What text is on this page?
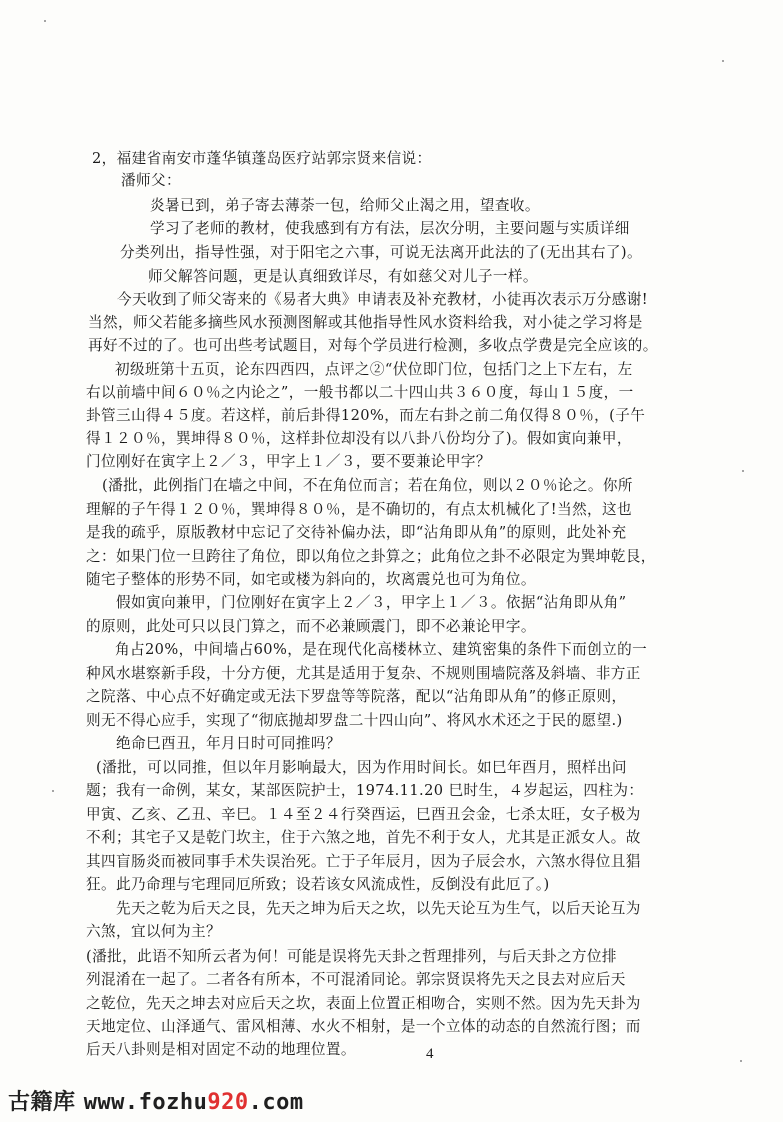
2，福建省南安市蓬华镇蓬岛医疗站郭宗贤来信说：
潘师父：
炎暑已到，弟子寄去薄荼一包，给师父止渴之用，望查收。
学习了老师的教材，使我感到有方有法，层次分明，主要问题与实质详细
分类列出，指导性强，对于阳宅之六事，可说无法离开此法的了(无出其右了)。
师父解答问题，更是认真细致详尽，有如慈父对儿子一样。
今天收到了师父寄来的《易者大典》申请表及补充教材，小徒再次表示万分感谢!
当然，师父若能多摘些风水预测图解或其他指导性风水资料给我，对小徒之学习将是
再好不过的了。也可出些考试题目，对每个学员进行检测，多收点学费是完全应该的。
初级班第十五页，论东四西四，点评之②“伏位即门位，包括门之上下左右，左
右以前墙中间６０％之内论之”，一般书都以二十四山共３６０度，每山１５度，一
卦管三山得４５度。若这样，前后卦得120%，而左右卦之前二角仅得８０％，(子午
得１２０％，巽坤得８０％，这样卦位却没有以八卦八份均分了)。假如寅向兼甲，
门位刚好在寅字上２／３，甲字上１／３，要不要兼论甲字？
(潘批，此例指门在墙之中间，不在角位而言；若在角位，则以２０％论之。你所
理解的子午得１２０％，巽坤得８０％，是不确切的，有点太机械化了!当然，这也
是我的疏乎，原版教材中忘记了交待补偏办法，即“沾角即从角”的原则，此处补充
之：如果门位一旦跨往了角位，即以角位之卦算之；此角位之卦不必限定为巽坤乾艮，
随宅子整体的形势不同，如宅或楼为斜向的，坎离震兑也可为角位。
假如寅向兼甲，门位刚好在寅字上２／３，甲字上１／３。依据“沾角即从角”
的原则，此处可只以艮门算之，而不必兼顾震门，即不必兼论甲字。
角占20%，中间墙占60%，是在现代化高楼林立、建筑密集的条件下而创立的一
种风水堪察新手段，十分方便，尤其是适用于复杂、不规则围墙院落及斜墙、非方正
之院落、中心点不好确定或无法下罗盘等等院落，配以“沾角即从角”的修正原则，
则无不得心应手，实现了“彻底抛却罗盘二十四山向”、将风水术还之于民的愿望.)
绝命巳酉丑，年月日时可同推吗？
(潘批，可以同推，但以年月影响最大，因为作用时间长。如巳年酉月，照样出问
题；我有一命例，某女，某部医院护士，1974.11.20 巳时生，４岁起运，四柱为：
甲寅、乙亥、乙丑、辛巳。１４至２４行癸酉运，巳酉丑会金，七杀太旺，女子极为
不利；其宅子又是乾门坎主，住于六煞之地，首先不利于女人，尤其是正派女人。故
其四盲肠炎而被同事手术失误治死。亡于子年辰月，因为子辰会水，六煞水得位且猖
狂。此乃命理与宅理同厄所致；设若该女风流成性，反倒没有此厄了。)
先天之乾为后天之艮，先天之坤为后天之坎，以先天论互为生气，以后天论互为
六煞，宜以何为主？
(潘批，此语不知所云者为何！可能是误将先天卦之哲理排列，与后天卦之方位排
列混淆在一起了。二者各有所本，不可混淆同论。郭宗贤误将先天之艮去对应后天
之乾位，先天之坤去对应后天之坎，表面上位置正相吻合，实则不然。因为先天卦为
天地定位、山泽通气、雷风相薄、水火不相射，是一个立体的动态的自然流行图；而
后天八卦则是相对固定不动的地理位置。	4
古籍库 www.fozhu920.com
